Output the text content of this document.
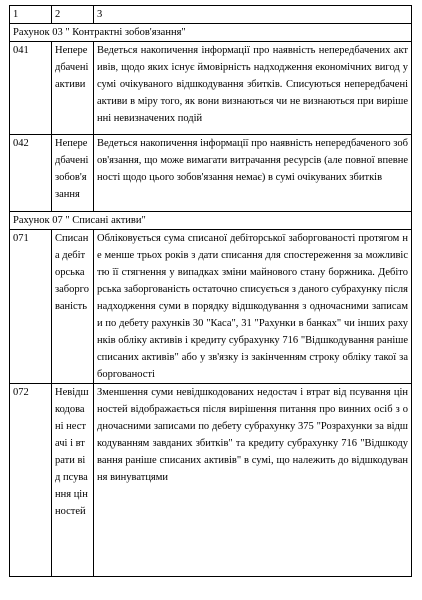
1	2	3
Рахунок 03 " Контрактні зобов'язання"		
041	Непередбачені активи	Ведеться накопичення інформації про наявність непередбачених активів, щодо яких існує ймовірність надходження економічних вигод у сумі очікуваного відшкодування збитків. Списуються непередбачені активи в міру того, як вони визнаються чи не визнаються при вирішенні невизначених подій
042	Непередбачені зобов'язання	Ведеться накопичення інформації про наявність непередбаченого зобов'язання, що може вимагати витрачання ресурсів (але повної впевненості щодо цього зобов'язання немає) в сумі очікуваних збитків
Рахунок 07 " Списані активи"		
071	Списана дебіторська заборгованість	Обліковується сума списаної дебіторської заборгованості протягом не менше трьох років з дати списання для спостереження за можливістю її стягнення у випадках зміни майнового стану боржника. Дебіторська заборгованість остаточно списується з даного субрахунку після надходження суми в порядку відшкодування з одночасними записами по дебету рахунків 30 "Каса", 31 "Рахунки в банках" чи інших рахунків обліку активів і кредиту субрахунку 716 "Відшкодування раніше списаних активів" або у зв'язку із закінченням строку обліку такої заборгованості
072	Невідшкодовані нестачі і втрати від псування цінностей	Зменшення суми невідшкодованих недостач і втрат від псування цінностей відображається після вирішення питання про винних осіб з одночасними записами по дебету субрахунку 375 "Розрахунки за відшкодуванням завданих збитків" та кредиту субрахунку 716 "Відшкодування раніше списаних активів" в сумі, що належить до відшкодування винуватцями
